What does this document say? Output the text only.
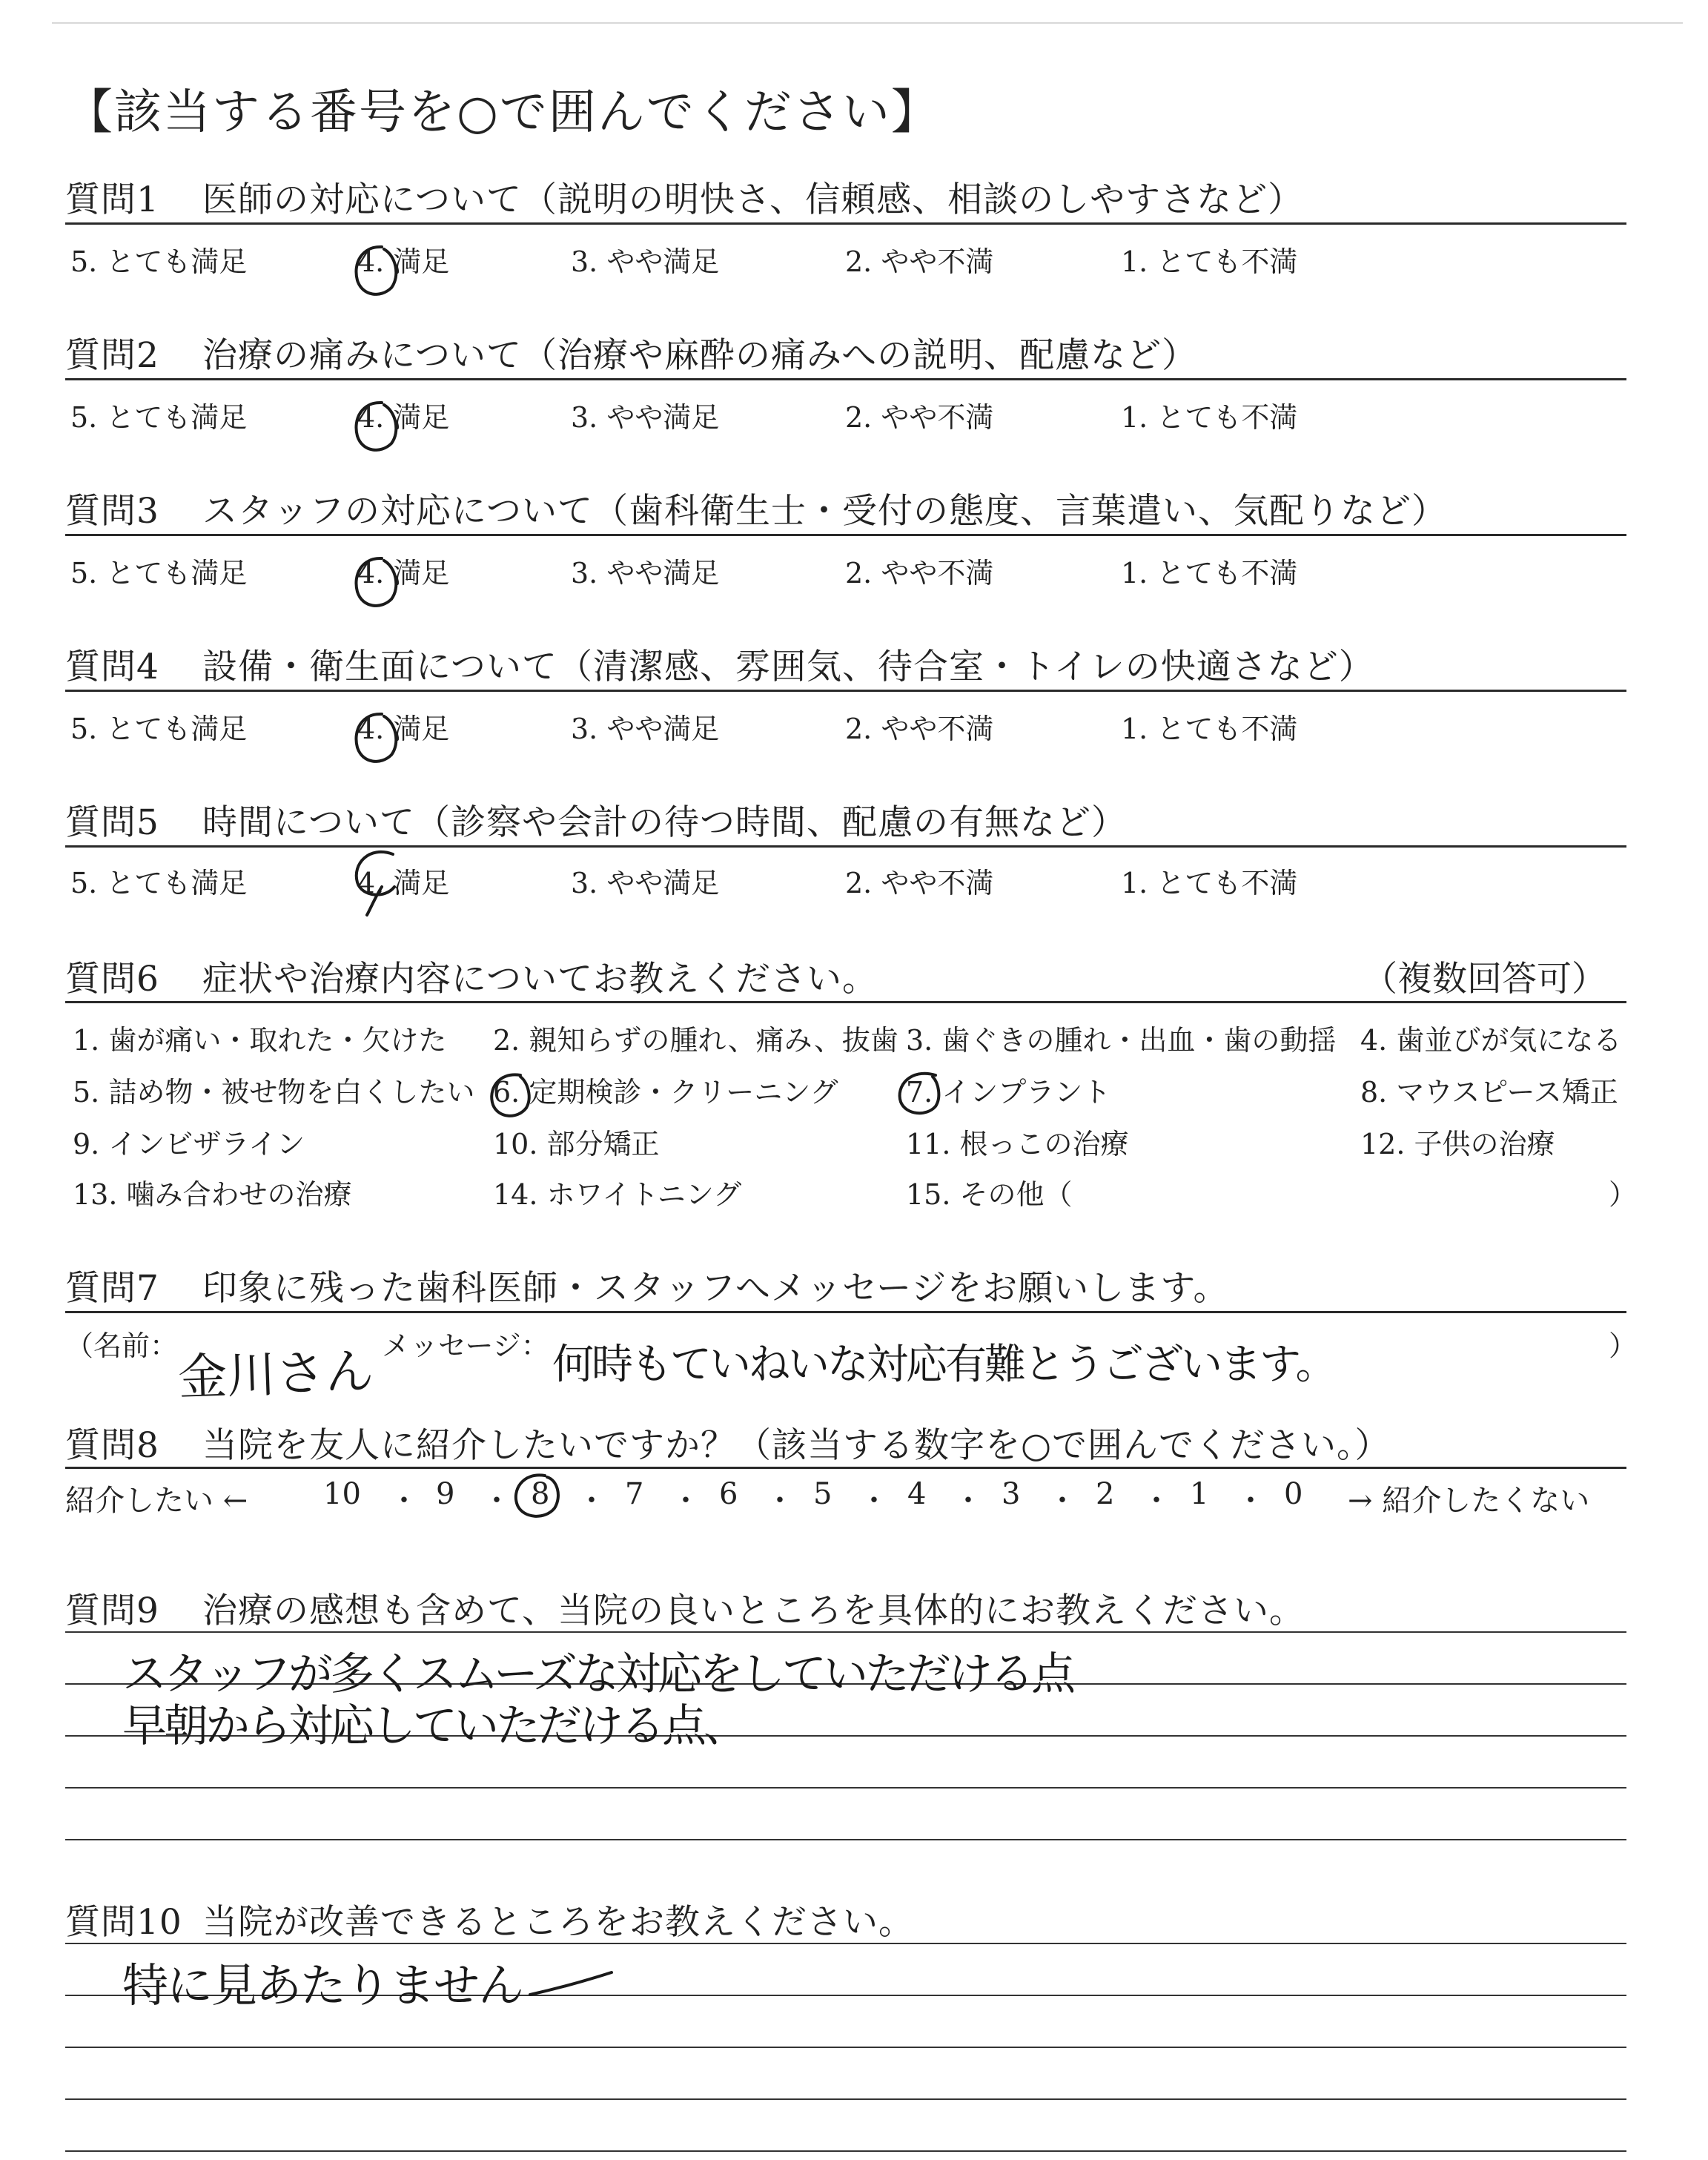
【該当する番号を○で囲んでください】
質問1 医師の対応について（説明の明快さ、信頼感、相談のしやすさなど）
5. とても満足	4. 満足	3. やや満足	2. やや不満	1. とても不満
質問2 治療の痛みについて（治療や麻酔の痛みへの説明、配慮など）
5. とても満足	4. 満足	3. やや満足	2. やや不満	1. とても不満
質問3 スタッフの対応について（歯科衛生士・受付の態度、言葉遣い、気配りなど）
5. とても満足	4. 満足	3. やや満足	2. やや不満	1. とても不満
質問4 設備・衛生面について（清潔感、雰囲気、待合室・トイレの快適さなど）
5. とても満足	4. 満足	3. やや満足	2. やや不満	1. とても不満
質問5 時間について（診察や会計の待つ時間、配慮の有無など）
5. とても満足	4. 満足	3. やや満足	2. やや不満	1. とても不満
質問6 症状や治療内容についてお教えください。	（複数回答可）
1. 歯が痛い・取れた・欠けた 2. 親知らずの腫れ、痛み、抜歯 3. 歯ぐきの腫れ・出血・歯の動揺 4. 歯並びが気になる
5. 詰め物・被せ物を白くしたい 6. 定期検診・クリーニング 7. インプラント	8. マウスピース矯正
9. インビザライン	10. 部分矯正	11. 根っこの治療	12. 子供の治療
13. 噛み合わせの治療	14. ホワイトニング	15. その他（	）
質問7 印象に残った歯科医師・スタッフへメッセージをお願いします。
（名前：	メッセージ：	）
金川さん	何時もていねいな対応有難とうございます。
質問8 当院を友人に紹介したいですか？（該当する数字を○で囲んでください。）
紹介したい ←	10 ・ 9 ・ 8 ・ 7 ・ 6 ・ 5 ・ 4 ・ 3 ・ 2 ・ 1 ・ 0 → 紹介したくない
質問9 治療の感想も含めて、当院の良いところを具体的にお教えください。
スタッフが多くスムーズな対応をしていただける点
早朝から対応していただける点、
質問10 当院が改善できるところをお教えください。
特に見あたりません
